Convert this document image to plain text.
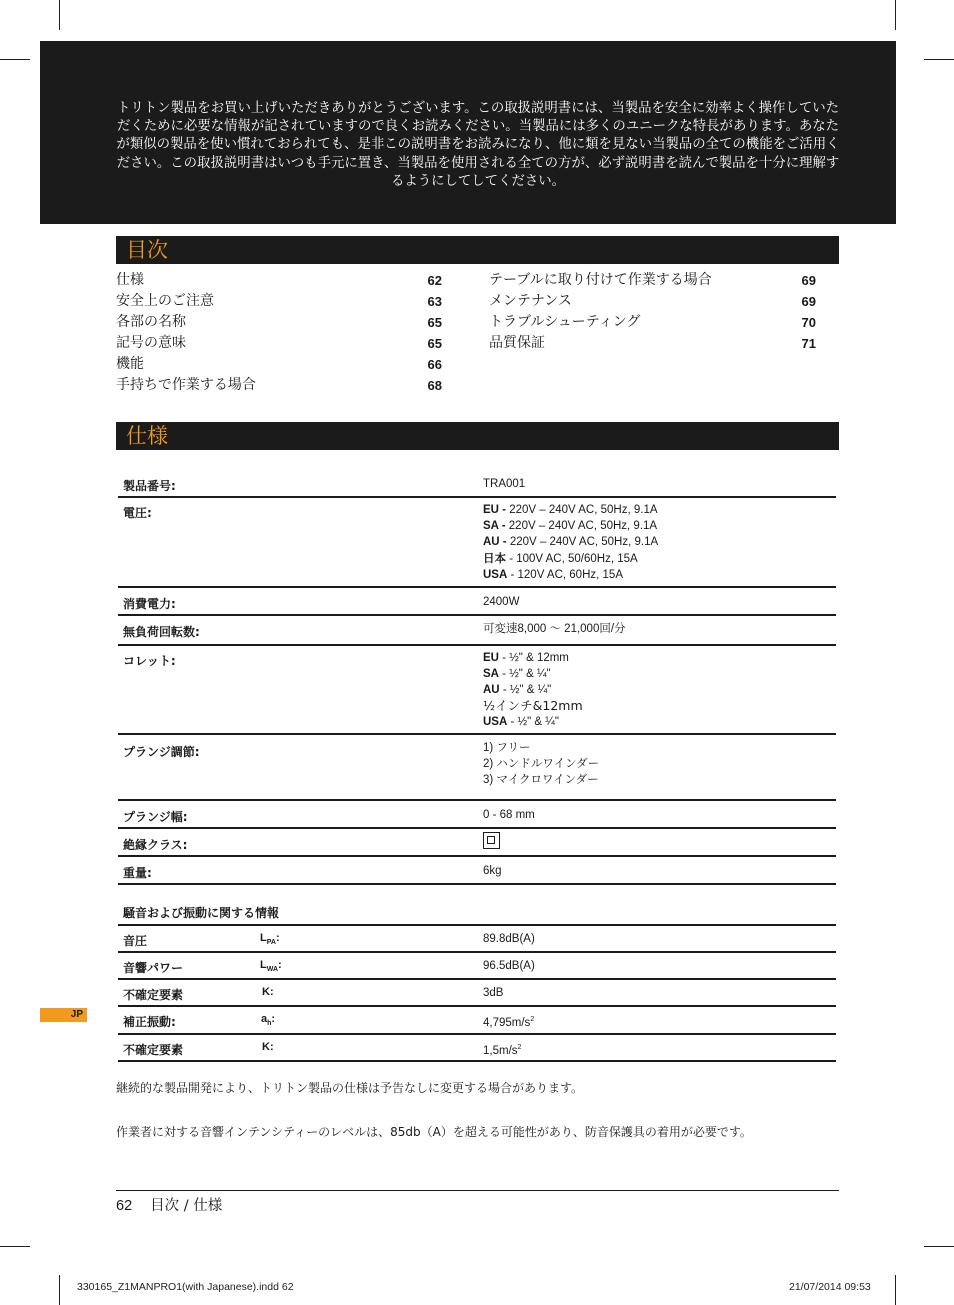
トリトン製品をお買い上げいただきありがとうございます。この取扱説明書には、当製品を安全に効率よく操作していただくために必要な情報が記されていますので良くお読みください。当製品には多くのユニークな特長があります。あなたが類似の製品を使い慣れておられても、是非この説明書をお読みになり、他に類を見ない当製品の全ての機能をご活用ください。この取扱説明書はいつも手元に置き、当製品を使用される全ての方が、必ず説明書を読んで製品を十分に理解するようにしてしてください。

目次
仕様	62
安全上のご注意	63
各部の名称	65
記号の意味	65
機能	66
手持ちで作業する場合	68
テーブルに取り付けて作業する場合	69
メンテナンス	69
トラブルシューティング	70
品質保証	71
仕様
製品番号:	TRA001
電圧:	EU - 220V – 240V AC, 50Hz, 9.1A
SA - 220V – 240V AC, 50Hz, 9.1A
AU - 220V – 240V AC, 50Hz, 9.1A
日本 - 100V AC, 50/60Hz, 15A
USA - 120V AC, 60Hz, 15A
消費電力:	2400W
無負荷回転数:	可変速8,000 ～ 21,000回/分
コレット:	EU - ½" & 12mm
SA - ½" & ¼"
AU - ½" & ¼"
½インチ&12mm
USA - ½" & ¼"
プランジ調節:	1) フリー
2) ハンドルワインダー
3) マイクロワインダー
プランジ幅:	0 - 68 mm
絶縁クラス:
重量:	6kg
騒音および振動に関する情報
音圧	$L_{PA}$:	89.8dB(A)
音響パワー	$L_{WA}$:	96.5dB(A)
不確定要素	K:	3dB
補正振動:	$a_h$:	$4,795m/s^2$
不確定要素	K:	$1,5m/s^2$
継続的な製品開発により、トリトン製品の仕様は予告なしに変更する場合があります。
作業者に対する音響インテンシティーのレベルは、85db（A）を超える可能性があり、防音保護具の着用が必要です。
JP
62 目次 / 仕様
330165_Z1MANPRO1(with Japanese).indd 62	21/07/2014 09:53
